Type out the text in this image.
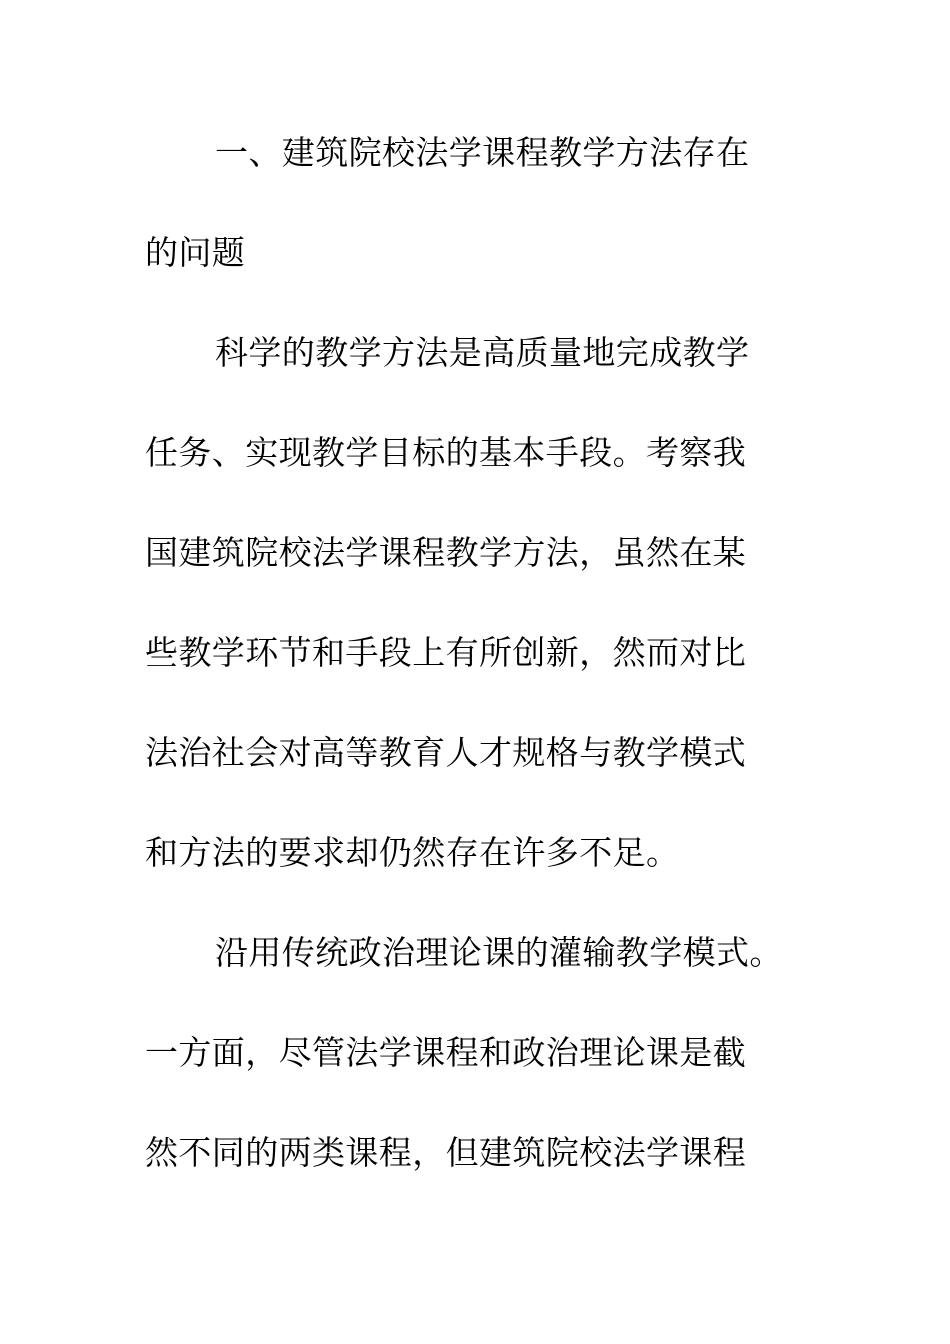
一、建筑院校法学课程教学方法存在
的问题
科学的教学方法是高质量地完成教学
任务、实现教学目标的基本手段。考察我
国建筑院校法学课程教学方法，虽然在某
些教学环节和手段上有所创新，然而对比
法治社会对高等教育人才规格与教学模式
和方法的要求却仍然存在许多不足。
沿用传统政治理论课的灌输教学模式。
一方面，尽管法学课程和政治理论课是截
然不同的两类课程，但建筑院校法学课程
